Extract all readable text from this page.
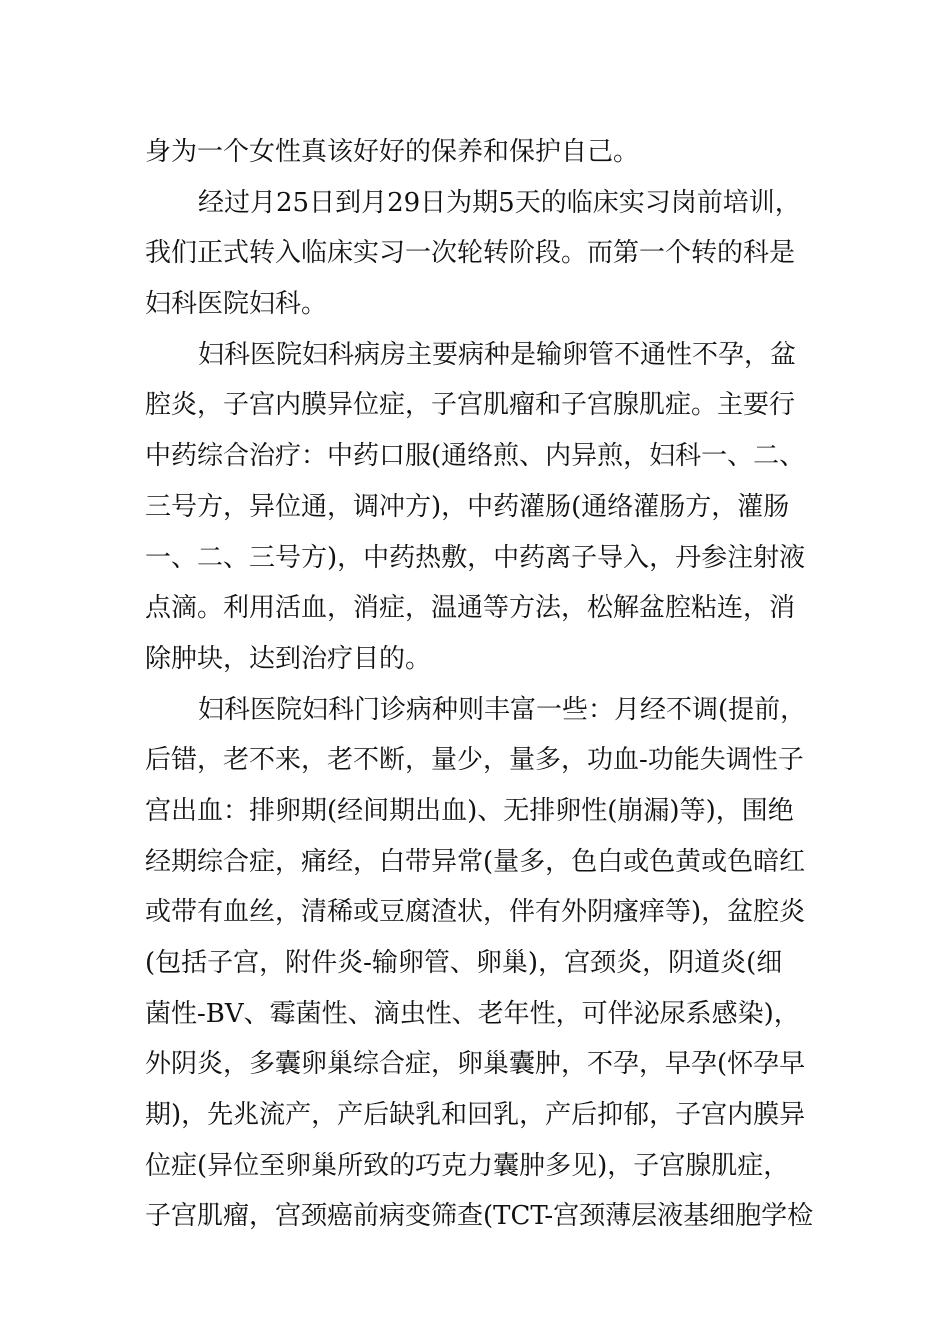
身为一个女性真该好好的保养和保护自己。
经过月25日到月29日为期5天的临床实习岗前培训，
我们正式转入临床实习一次轮转阶段。而第一个转的科是
妇科医院妇科。
妇科医院妇科病房主要病种是输卵管不通性不孕，盆
腔炎，子宫内膜异位症，子宫肌瘤和子宫腺肌症。主要行
中药综合治疗：中药口服(通络煎、内异煎，妇科一、二、
三号方，异位通，调冲方)，中药灌肠(通络灌肠方，灌肠
一、二、三号方)，中药热敷，中药离子导入，丹参注射液
点滴。利用活血，消症，温通等方法，松解盆腔粘连，消
除肿块，达到治疗目的。
妇科医院妇科门诊病种则丰富一些：月经不调(提前，
后错，老不来，老不断，量少，量多，功血-功能失调性子
宫出血：排卵期(经间期出血)、无排卵性(崩漏)等)，围绝
经期综合症，痛经，白带异常(量多，色白或色黄或色暗红
或带有血丝，清稀或豆腐渣状，伴有外阴瘙痒等)，盆腔炎
(包括子宫，附件炎-输卵管、卵巢)，宫颈炎，阴道炎(细
菌性-BV、霉菌性、滴虫性、老年性，可伴泌尿系感染)，
外阴炎，多囊卵巢综合症，卵巢囊肿，不孕，早孕(怀孕早
期)，先兆流产，产后缺乳和回乳，产后抑郁，子宫内膜异
位症(异位至卵巢所致的巧克力囊肿多见)，子宫腺肌症，
子宫肌瘤，宫颈癌前病变筛查(TCT-宫颈薄层液基细胞学检
